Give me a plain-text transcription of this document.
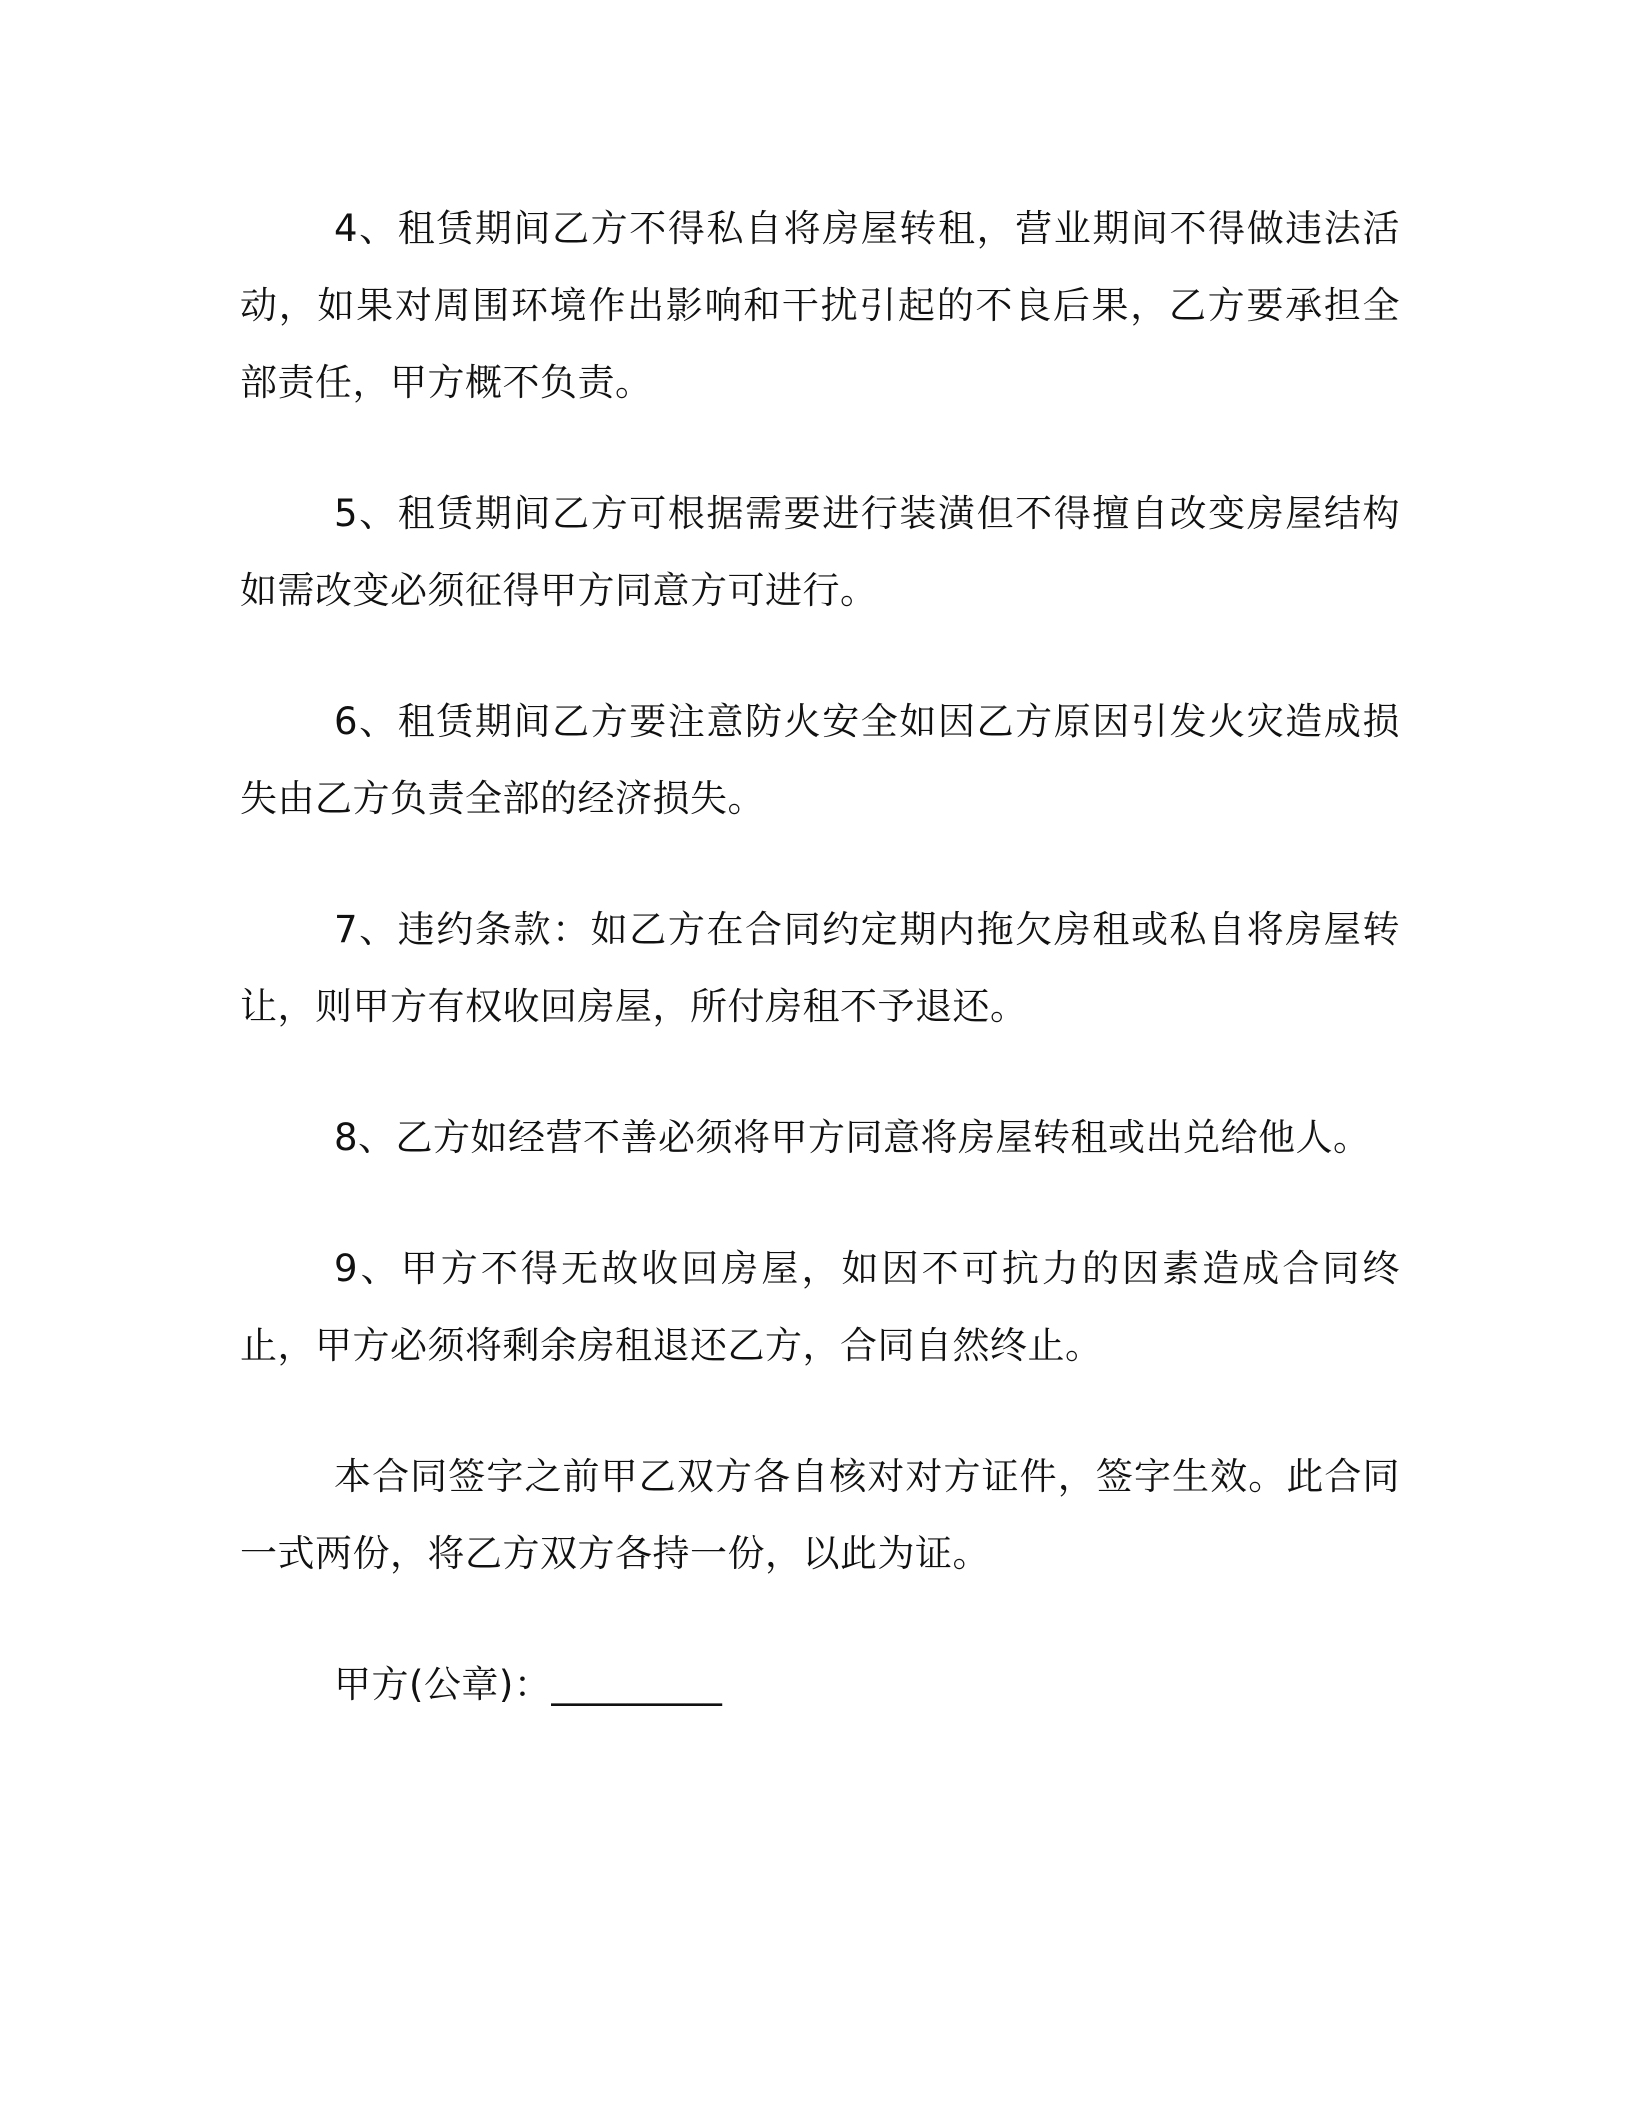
4、租赁期间乙方不得私自将房屋转租，营业期间不得做违法活动，如果对周围环境作出影响和干扰引起的不良后果，乙方要承担全部责任，甲方概不负责。

5、租赁期间乙方可根据需要进行装潢但不得擅自改变房屋结构如需改变必须征得甲方同意方可进行。

6、租赁期间乙方要注意防火安全如因乙方原因引发火灾造成损失由乙方负责全部的经济损失。

7、违约条款：如乙方在合同约定期内拖欠房租或私自将房屋转让，则甲方有权收回房屋，所付房租不予退还。

8、乙方如经营不善必须将甲方同意将房屋转租或出兑给他人。

9、甲方不得无故收回房屋，如因不可抗力的因素造成合同终止，甲方必须将剩余房租退还乙方，合同自然终止。

本合同签字之前甲乙双方各自核对对方证件，签字生效。此合同一式两份，将乙方双方各持一份，以此为证。

甲方(公章)：_________
